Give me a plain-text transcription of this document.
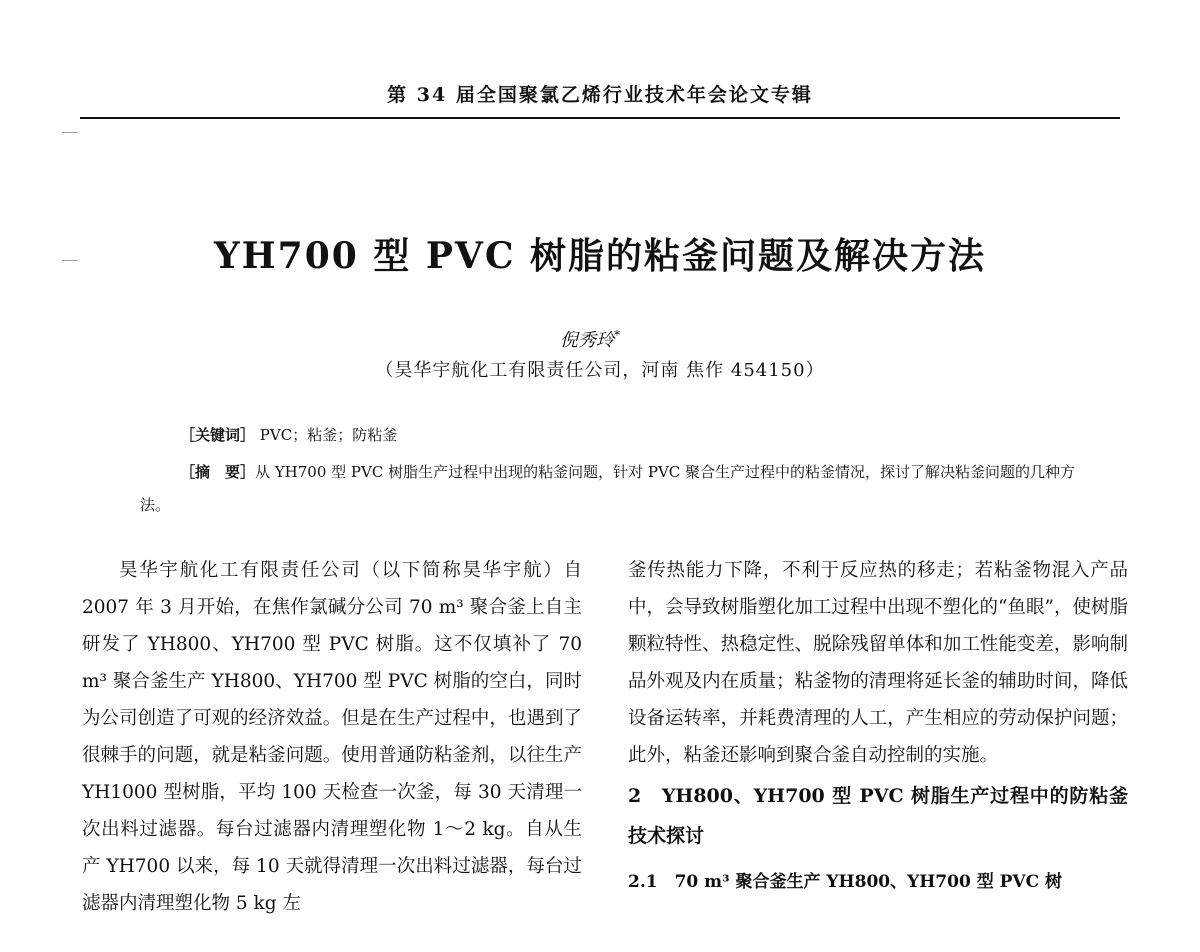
第 34 届全国聚氯乙烯行业技术年会论文专辑
YH700 型 PVC 树脂的粘釜问题及解决方法
倪秀玲*
（昊华宇航化工有限责任公司，河南 焦作 454150）
［关键词］ PVC；粘釜；防粘釜
［摘　要］从 YH700 型 PVC 树脂生产过程中出现的粘釜问题，针对 PVC 聚合生产过程中的粘釜情况，探讨了解决粘釜问题的几种方法。

昊华宇航化工有限责任公司（以下简称昊华宇航）自 2007 年 3 月开始，在焦作氯碱分公司 70 m³ 聚合釜上自主研发了 YH800、YH700 型 PVC 树脂。这不仅填补了 70 m³ 聚合釜生产 YH800、YH700 型 PVC 树脂的空白，同时为公司创造了可观的经济效益。但是在生产过程中，也遇到了很棘手的问题，就是粘釜问题。使用普通防粘釜剂，以往生产 YH1000 型树脂，平均 100 天检查一次釜，每 30 天清理一次出料过滤器。每台过滤器内清理塑化物 1～2 kg。自从生产 YH700 以来，每 10 天就得清理一次出料过滤器，每台过滤器内清理塑化物 5 kg 左

釜传热能力下降，不利于反应热的移走；若粘釜物混入产品中，会导致树脂塑化加工过程中出现不塑化的“鱼眼”，使树脂颗粒特性、热稳定性、脱除残留单体和加工性能变差，影响制品外观及内在质量；粘釜物的清理将延长釜的辅助时间，降低设备运转率，并耗费清理的人工，产生相应的劳动保护问题；此外，粘釜还影响到聚合釜自动控制的实施。

2　YH800、YH700 型 PVC 树脂生产过程中的防粘釜技术探讨

2.1　70 m³ 聚合釜生产 YH800、YH700 型 PVC 树
